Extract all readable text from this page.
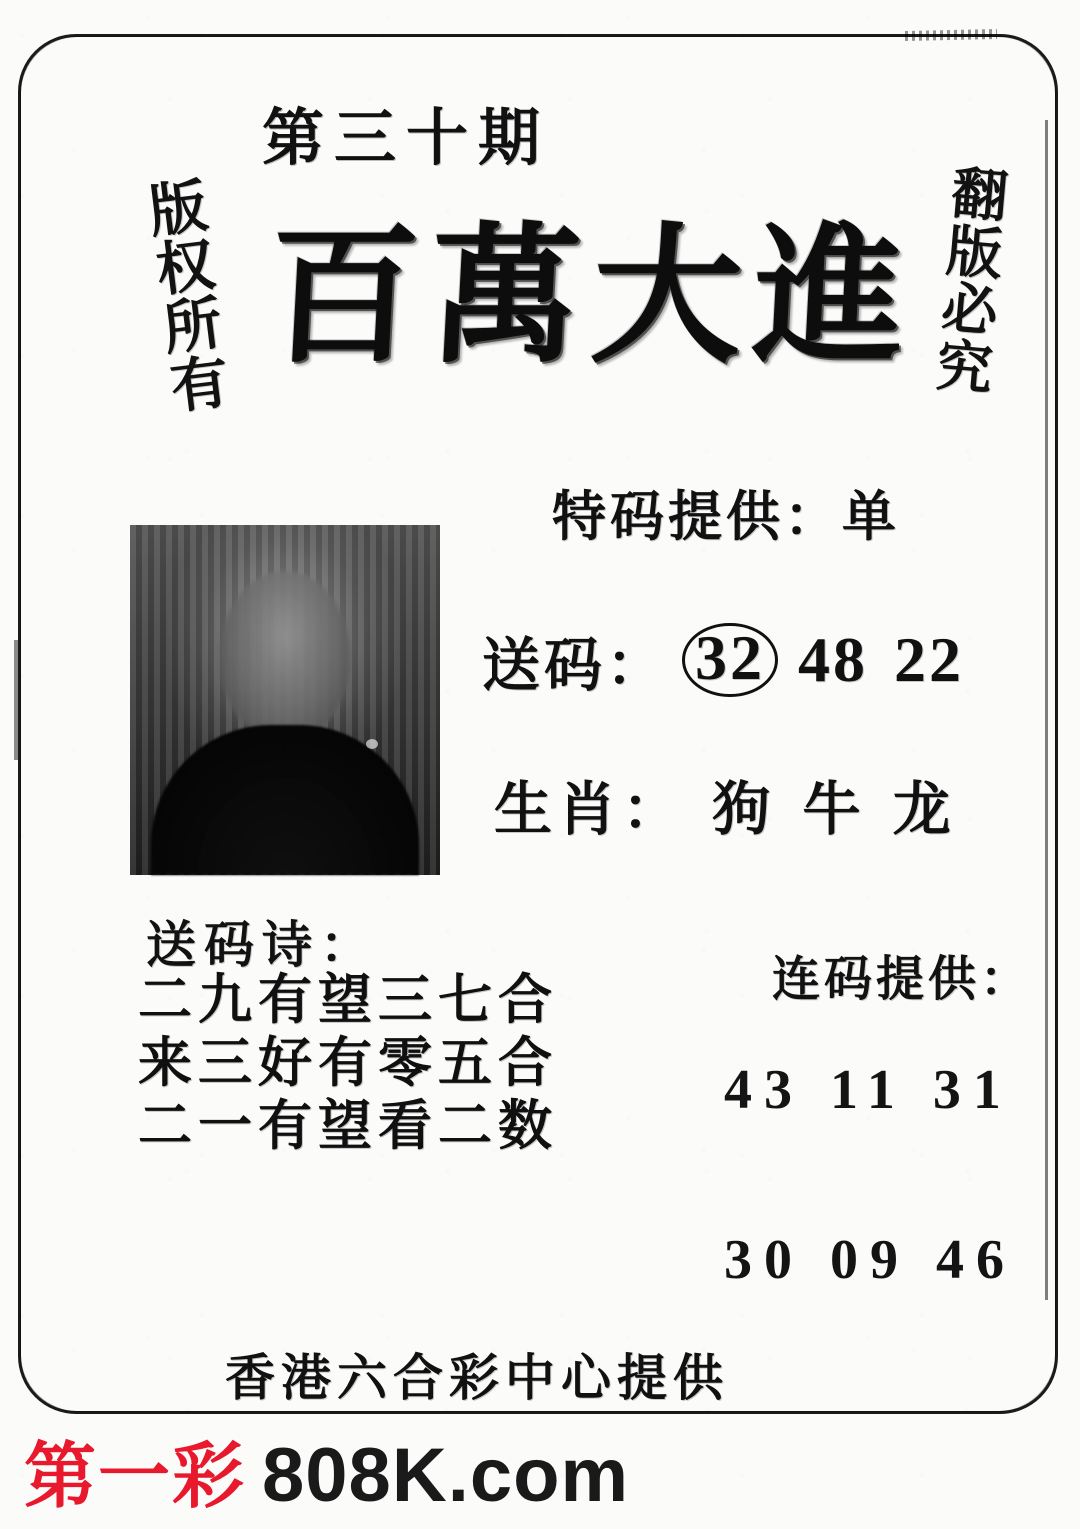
第三十期
版
权
所
有
翻
版
必
究
百萬大進
特码提供：单
送码： 32 48 22
生肖： 狗 牛 龙
送码诗：
二九有望三七合
来三好有零五合
二一有望看二数
连码提供：
43 11 31
30 09 46
香港六合彩中心提供
第一彩 808K.com
